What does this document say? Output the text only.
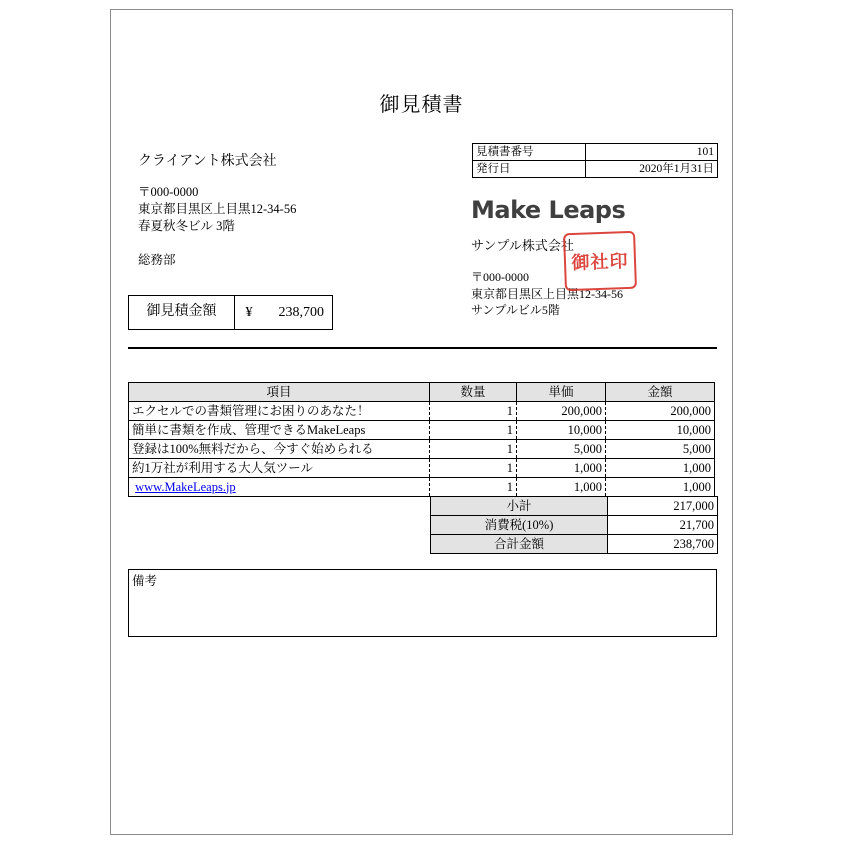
御見積書
クライアント株式会社
〒000-0000
東京都目黒区上目黒12-34-56
春夏秋冬ビル 3階
総務部
御見積金額	¥	238,700
見積書番号	101
発行日	2020年1月31日
Make Leaps
サンプル株式会社
〒000-0000
東京都目黒区上目黒12-34-56
サンプルビル5階
御社印
項目	数量	単価	金額
エクセルでの書類管理にお困りのあなた！	1	200,000	200,000
簡単に書類を作成、管理できるMakeLeaps	1	10,000	10,000
登録は100%無料だから、今すぐ始められる	1	5,000	5,000
約1万社が利用する大人気ツール	1	1,000	1,000
www.MakeLeaps.jp	1	1,000	1,000
小計	217,000
消費税(10%)	21,700
合計金額	238,700
備考
